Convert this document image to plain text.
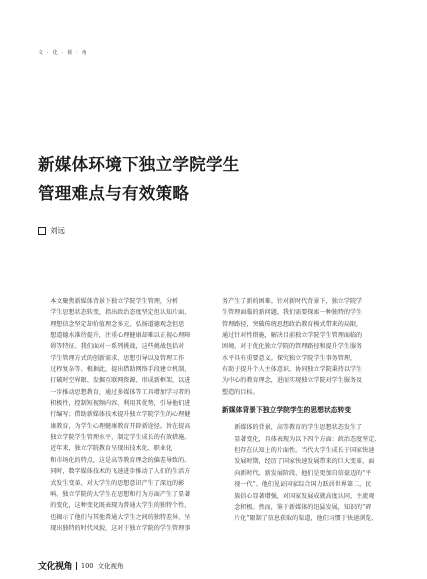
文 · 化 · 视 · 角
新媒体环境下独立学院学生
管理难点与有效策略
刘远

本文聚焦新媒体背景下独立学院学生管理，分析
学生思想状态转变，指出政治态度坚定但认知片面、
理想信念坚定却价值理念多元、弘扬道德观念但思
想道德水准待提升，注重心理健康却难以正视心理障
碍等特征。我们面对一系列挑战，这些挑战包括对
学生管理方式的创新需求、思想引导以及管理工作
过程复杂等。根据此，提出借助网络手段建立机制，
打破时空界限、发掘互联网资源、形成新框架，以进
一步推动思想教育，通过多媒体等工具增加学习者的
积极性，控制短视频内容、利用其优势，引导他们进
行编写；借助新媒体技术提升独立学院学生的心理健
康教育，为学生心理健康教育开辟新途径。旨在提高
独立学院学生管理水平，制定学生成长的有效措施。

近年来，独立学院教育呈现出技术化、职业化
和市场化的特点，这是高等教育理念的偏差导致的。
同时，数字媒体技术的飞速进步推动了人们的生活方
式发生变革，对大学生的思想意识产生了深远的影
响。独立学院的大学生在思想和行为方面产生了显著
的变化，这种变化既表现为普通大学生的独特个性，
也揭示了他们与其他普通大学生之间的独特差异，呈
现出独特的时代风貌，这对于独立学院的学生管理事

务产生了新的困难。针对新时代背景下，独立学院学
生管理面临的新问题，我们需要探索一种独特的学生
管理路径，突破传统思想政治教育模式带来的局限，
通过针对性措施，解决目前独立学院学生管理面临的
困境。对于优化独立学院的管理路径和提升学生服务
水平具有重要意义。探究独立学院学生事务管理，
有助于提升个人主体意识，协同独立学院秉持以学生
为中心的教育理念，进而实现独立学院对学生服务及
塑造的目标。

新媒体背景下独立学院学生的思想状态转变

新媒体的背景，高等教育的学生思想状态发生了
显著变化，具体表现为以下四个方面：政治态度坚定、
但存在认知上的片面性。当代大学生成长于国家快速
发展时期，经历了国家快速发展带来的巨大变革，面
向新时代、新发展阶段，他们是更加自信豪迈的“平
视一代”。他们见证国家综合国力跃居世界第二，民
族信心显著增强，对国家发展成就高度认同，主流观
念积极。然而，鉴于新媒体的迅猛发展，知识的“碎
片化”限制了信息获取的渠道，他们习惯于快速浏览、

文化视角 100 文化视角
